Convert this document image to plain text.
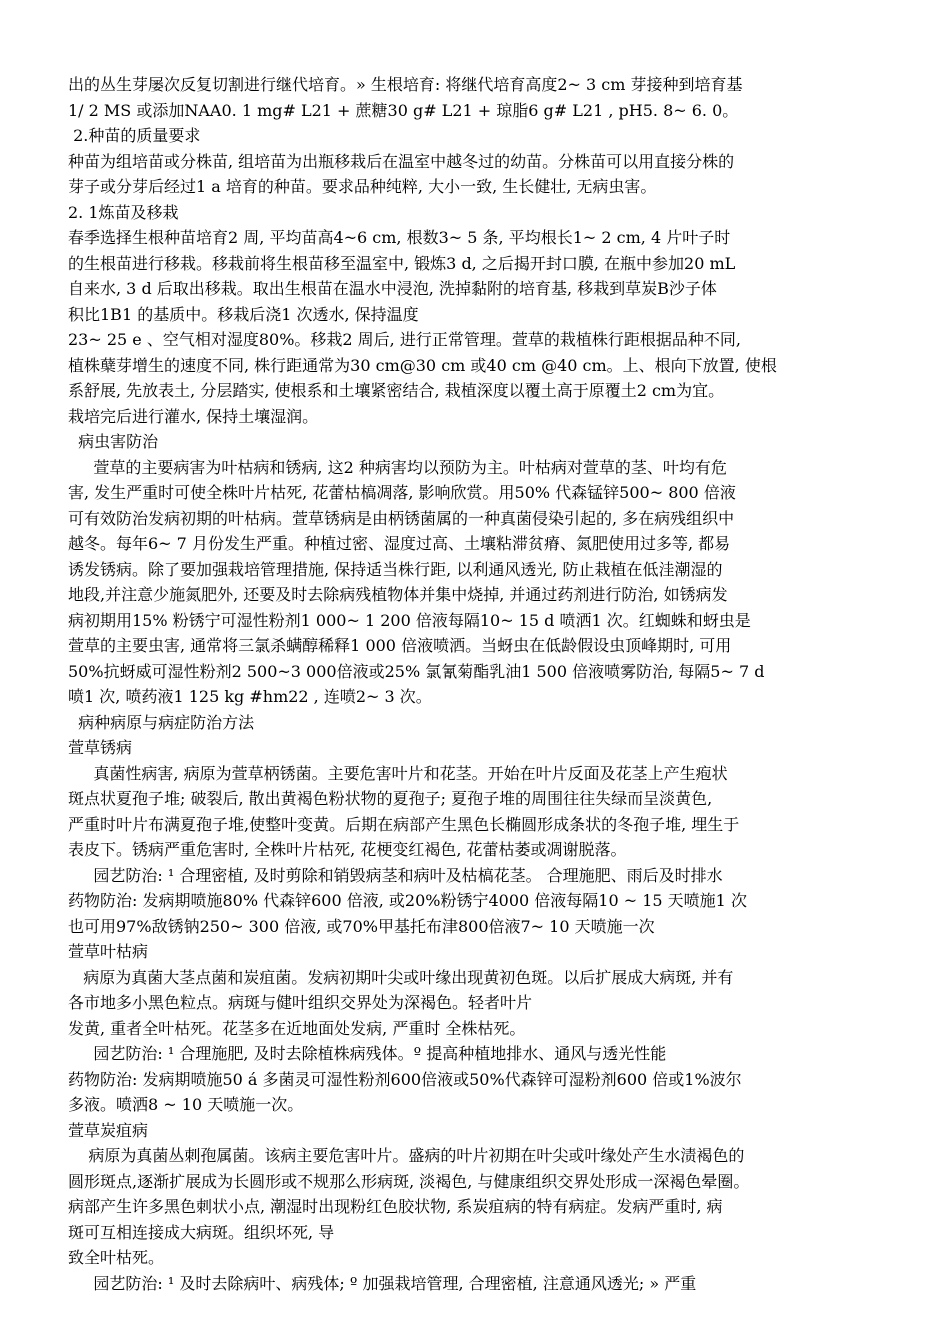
出的丛生芽屡次反复切割进行继代培育。» 生根培育: 将继代培育高度2~ 3 cm 芽接种到培育基
1/ 2 MS 或添加NAA0. 1 mg# L21 + 蔗糖30 g# L21 + 琼脂6 g# L21 , pH5. 8~ 6. 0。
2.种苗的质量要求
种苗为组培苗或分株苗, 组培苗为出瓶移栽后在温室中越冬过的幼苗。分株苗可以用直接分株的
芽子或分芽后经过1 a 培育的种苗。要求品种纯粹, 大小一致, 生长健壮, 无病虫害。
2. 1炼苗及移栽
春季选择生根种苗培育2 周, 平均苗高4~6 cm, 根数3~ 5 条, 平均根长1~ 2 cm, 4 片叶子时
的生根苗进行移栽。移栽前将生根苗移至温室中, 锻炼3 d, 之后揭开封口膜, 在瓶中参加20 mL
自来水, 3 d 后取出移栽。取出生根苗在温水中浸泡, 洗掉黏附的培育基, 移栽到草炭B沙子体
积比1B1 的基质中。移栽后浇1 次透水, 保持温度
23~ 25 e 、空气相对湿度80%。移栽2 周后, 进行正常管理。萱草的栽植株行距根据品种不同,
植株蘖芽增生的速度不同, 株行距通常为30 cm@30 cm 或40 cm @40 cm。上、根向下放置, 使根
系舒展, 先放表土, 分层踏实, 使根系和土壤紧密结合, 栽植深度以覆土高于原覆土2 cm为宜。
栽培完后进行灌水, 保持土壤湿润。
病虫害防治
萱草的主要病害为叶枯病和锈病, 这2 种病害均以预防为主。叶枯病对萱草的茎、叶均有危
害, 发生严重时可使全株叶片枯死, 花蕾枯槁凋落, 影响欣赏。用50% 代森锰锌500~ 800 倍液
可有效防治发病初期的叶枯病。萱草锈病是由柄锈菌属的一种真菌侵染引起的, 多在病残组织中
越冬。每年6~ 7 月份发生严重。种植过密、湿度过高、土壤粘滞贫瘠、氮肥使用过多等, 都易
诱发锈病。除了要加强栽培管理措施, 保持适当株行距, 以利通风透光, 防止栽植在低洼潮湿的
地段,并注意少施氮肥外, 还要及时去除病残植物体并集中烧掉, 并通过药剂进行防治, 如锈病发
病初期用15% 粉锈宁可湿性粉剂1 000~ 1 200 倍液每隔10~ 15 d 喷洒1 次。红蜘蛛和蚜虫是
萱草的主要虫害, 通常将三氯杀螨醇稀释1 000 倍液喷洒。当蚜虫在低龄假设虫顶峰期时, 可用
50%抗蚜威可湿性粉剂2 500~3 000倍液或25% 氯氰菊酯乳油1 500 倍液喷雾防治, 每隔5~ 7 d
喷1 次, 喷药液1 125 kg #hm22 , 连喷2~ 3 次。
病种病原与病症防治方法
萱草锈病
真菌性病害, 病原为萱草柄锈菌。主要危害叶片和花茎。开始在叶片反面及花茎上产生疱状
斑点状夏孢子堆; 破裂后, 散出黄褐色粉状物的夏孢子; 夏孢子堆的周围往往失绿而呈淡黄色,
严重时叶片布满夏孢子堆,使整叶变黄。后期在病部产生黑色长椭圆形成条状的冬孢子堆, 埋生于
表皮下。锈病严重危害时, 全株叶片枯死, 花梗变红褐色, 花蕾枯萎或凋谢脱落。
园艺防治: ¹ 合理密植, 及时剪除和销毁病茎和病叶及枯槁花茎。 合理施肥、雨后及时排水
药物防治: 发病期喷施80% 代森锌600 倍液, 或20%粉锈宁4000 倍液每隔10 ~ 15 天喷施1 次
也可用97%敌锈钠250~ 300 倍液, 或70%甲基托布津800倍液7~ 10 天喷施一次
萱草叶枯病
病原为真菌大茎点菌和炭疽菌。发病初期叶尖或叶缘出现黄初色斑。以后扩展成大病斑, 并有
各市地多小黑色粒点。病斑与健叶组织交界处为深褐色。轻者叶片
发黄, 重者全叶枯死。花茎多在近地面处发病, 严重时 全株枯死。
园艺防治: ¹ 合理施肥, 及时去除植株病残体。º 提高种植地排水、通风与透光性能
药物防治: 发病期喷施50 á 多菌灵可湿性粉剂600倍液或50%代森锌可湿粉剂600 倍或1%波尔
多液。喷洒8 ~ 10 天喷施一次。
萱草炭疽病
病原为真菌丛刺孢属菌。该病主要危害叶片。盛病的叶片初期在叶尖或叶缘处产生水渍褐色的
圆形斑点,逐渐扩展成为长圆形或不规那么形病斑, 淡褐色, 与健康组织交界处形成一深褐色晕圈。
病部产生许多黑色刺状小点, 潮湿时出现粉红色胶状物, 系炭疽病的特有病症。发病严重时, 病
斑可互相连接成大病斑。组织坏死, 导
致全叶枯死。
园艺防治: ¹ 及时去除病叶、病残体; º 加强栽培管理, 合理密植, 注意通风透光; » 严重
